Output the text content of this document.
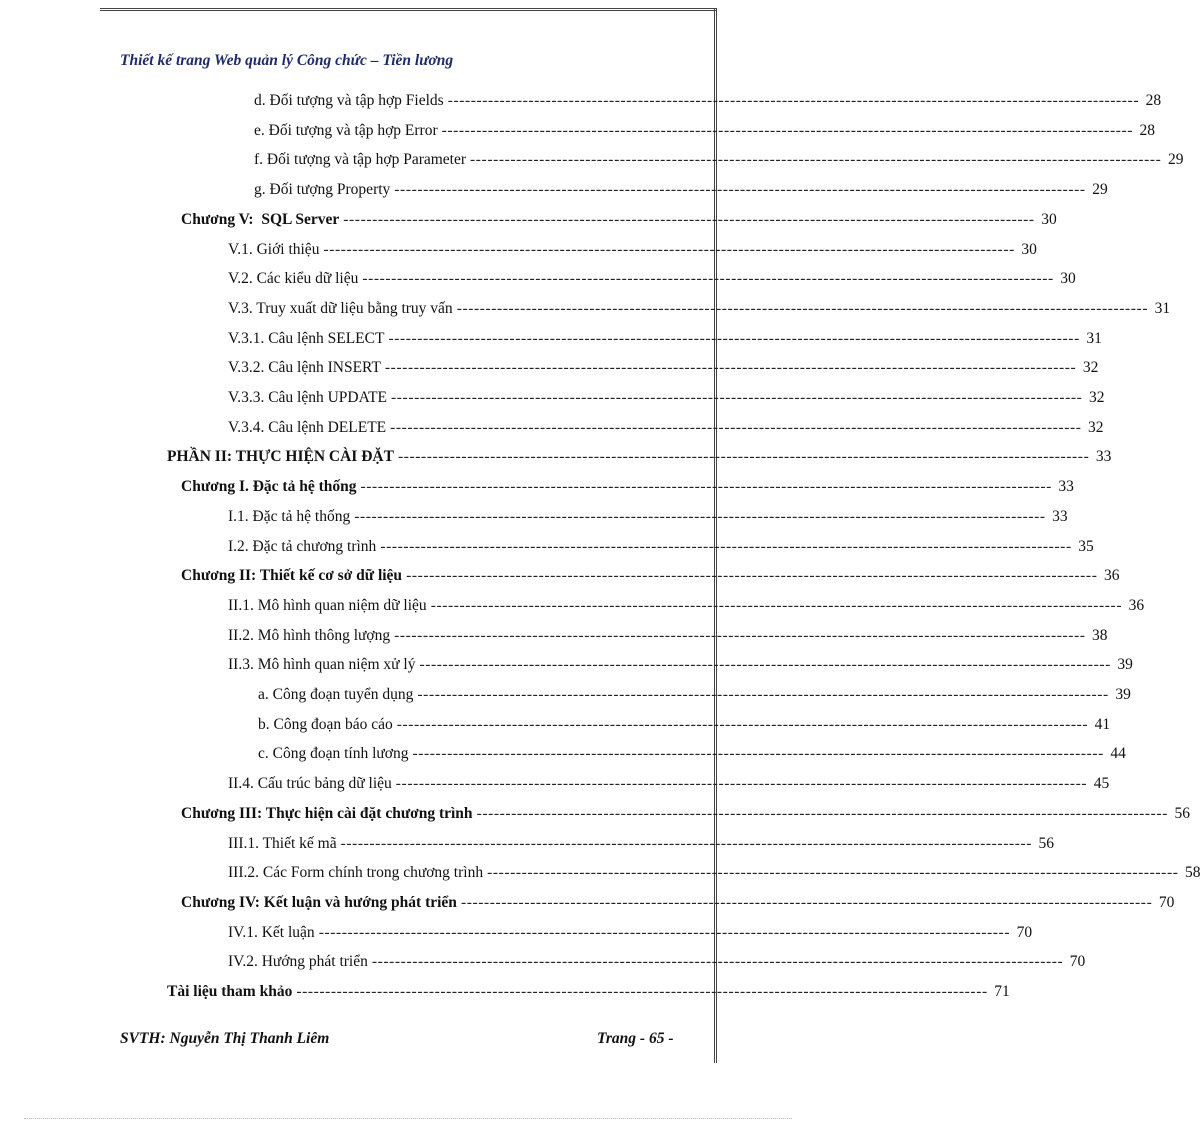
Thiết kế trang Web quản lý Công chức – Tiền lương
d. Đối tượng và tập hợp Fields ------------------------------------------------------------------------------------------------------------------------ 28
e. Đối tượng và tập hợp Error ------------------------------------------------------------------------------------------------------------------------ 28
f. Đối tượng và tập hợp Parameter ------------------------------------------------------------------------------------------------------------------------ 29
g. Đối tượng Property ------------------------------------------------------------------------------------------------------------------------ 29
Chương V:  SQL Server ------------------------------------------------------------------------------------------------------------------------ 30
V.1. Giới thiệu ------------------------------------------------------------------------------------------------------------------------ 30
V.2. Các kiểu dữ liệu ------------------------------------------------------------------------------------------------------------------------ 30
V.3. Truy xuất dữ liệu bằng truy vấn ------------------------------------------------------------------------------------------------------------------------ 31
V.3.1. Câu lệnh SELECT ------------------------------------------------------------------------------------------------------------------------ 31
V.3.2. Câu lệnh INSERT ------------------------------------------------------------------------------------------------------------------------ 32
V.3.3. Câu lệnh UPDATE ------------------------------------------------------------------------------------------------------------------------ 32
V.3.4. Câu lệnh DELETE ------------------------------------------------------------------------------------------------------------------------ 32
PHẦN II: THỰC HIỆN CÀI ĐẶT ------------------------------------------------------------------------------------------------------------------------ 33
Chương I. Đặc tả hệ thống ------------------------------------------------------------------------------------------------------------------------ 33
I.1. Đặc tả hệ thống ------------------------------------------------------------------------------------------------------------------------ 33
I.2. Đặc tả chương trình ------------------------------------------------------------------------------------------------------------------------ 35
Chương II: Thiết kế cơ sở dữ liệu ------------------------------------------------------------------------------------------------------------------------ 36
II.1. Mô hình quan niệm dữ liệu ------------------------------------------------------------------------------------------------------------------------ 36
II.2. Mô hình thông lượng ------------------------------------------------------------------------------------------------------------------------ 38
II.3. Mô hình quan niệm xử lý ------------------------------------------------------------------------------------------------------------------------ 39
a. Công đoạn tuyển dụng ------------------------------------------------------------------------------------------------------------------------ 39
b. Công đoạn báo cáo ------------------------------------------------------------------------------------------------------------------------ 41
c. Công đoạn tính lương ------------------------------------------------------------------------------------------------------------------------ 44
II.4. Cấu trúc bảng dữ liệu ------------------------------------------------------------------------------------------------------------------------ 45
Chương III: Thực hiện cài đặt chương trình ------------------------------------------------------------------------------------------------------------------------ 56
III.1. Thiết kế mã ------------------------------------------------------------------------------------------------------------------------ 56
III.2. Các Form chính trong chương trình ------------------------------------------------------------------------------------------------------------------------ 58
Chương IV: Kết luận và hướng phát triển ------------------------------------------------------------------------------------------------------------------------ 70
IV.1. Kết luận ------------------------------------------------------------------------------------------------------------------------ 70
IV.2. Hướng phát triển ------------------------------------------------------------------------------------------------------------------------ 70
Tài liệu tham khảo ------------------------------------------------------------------------------------------------------------------------ 71
SVTH: Nguyễn Thị Thanh Liêm	Trang - 65 -
